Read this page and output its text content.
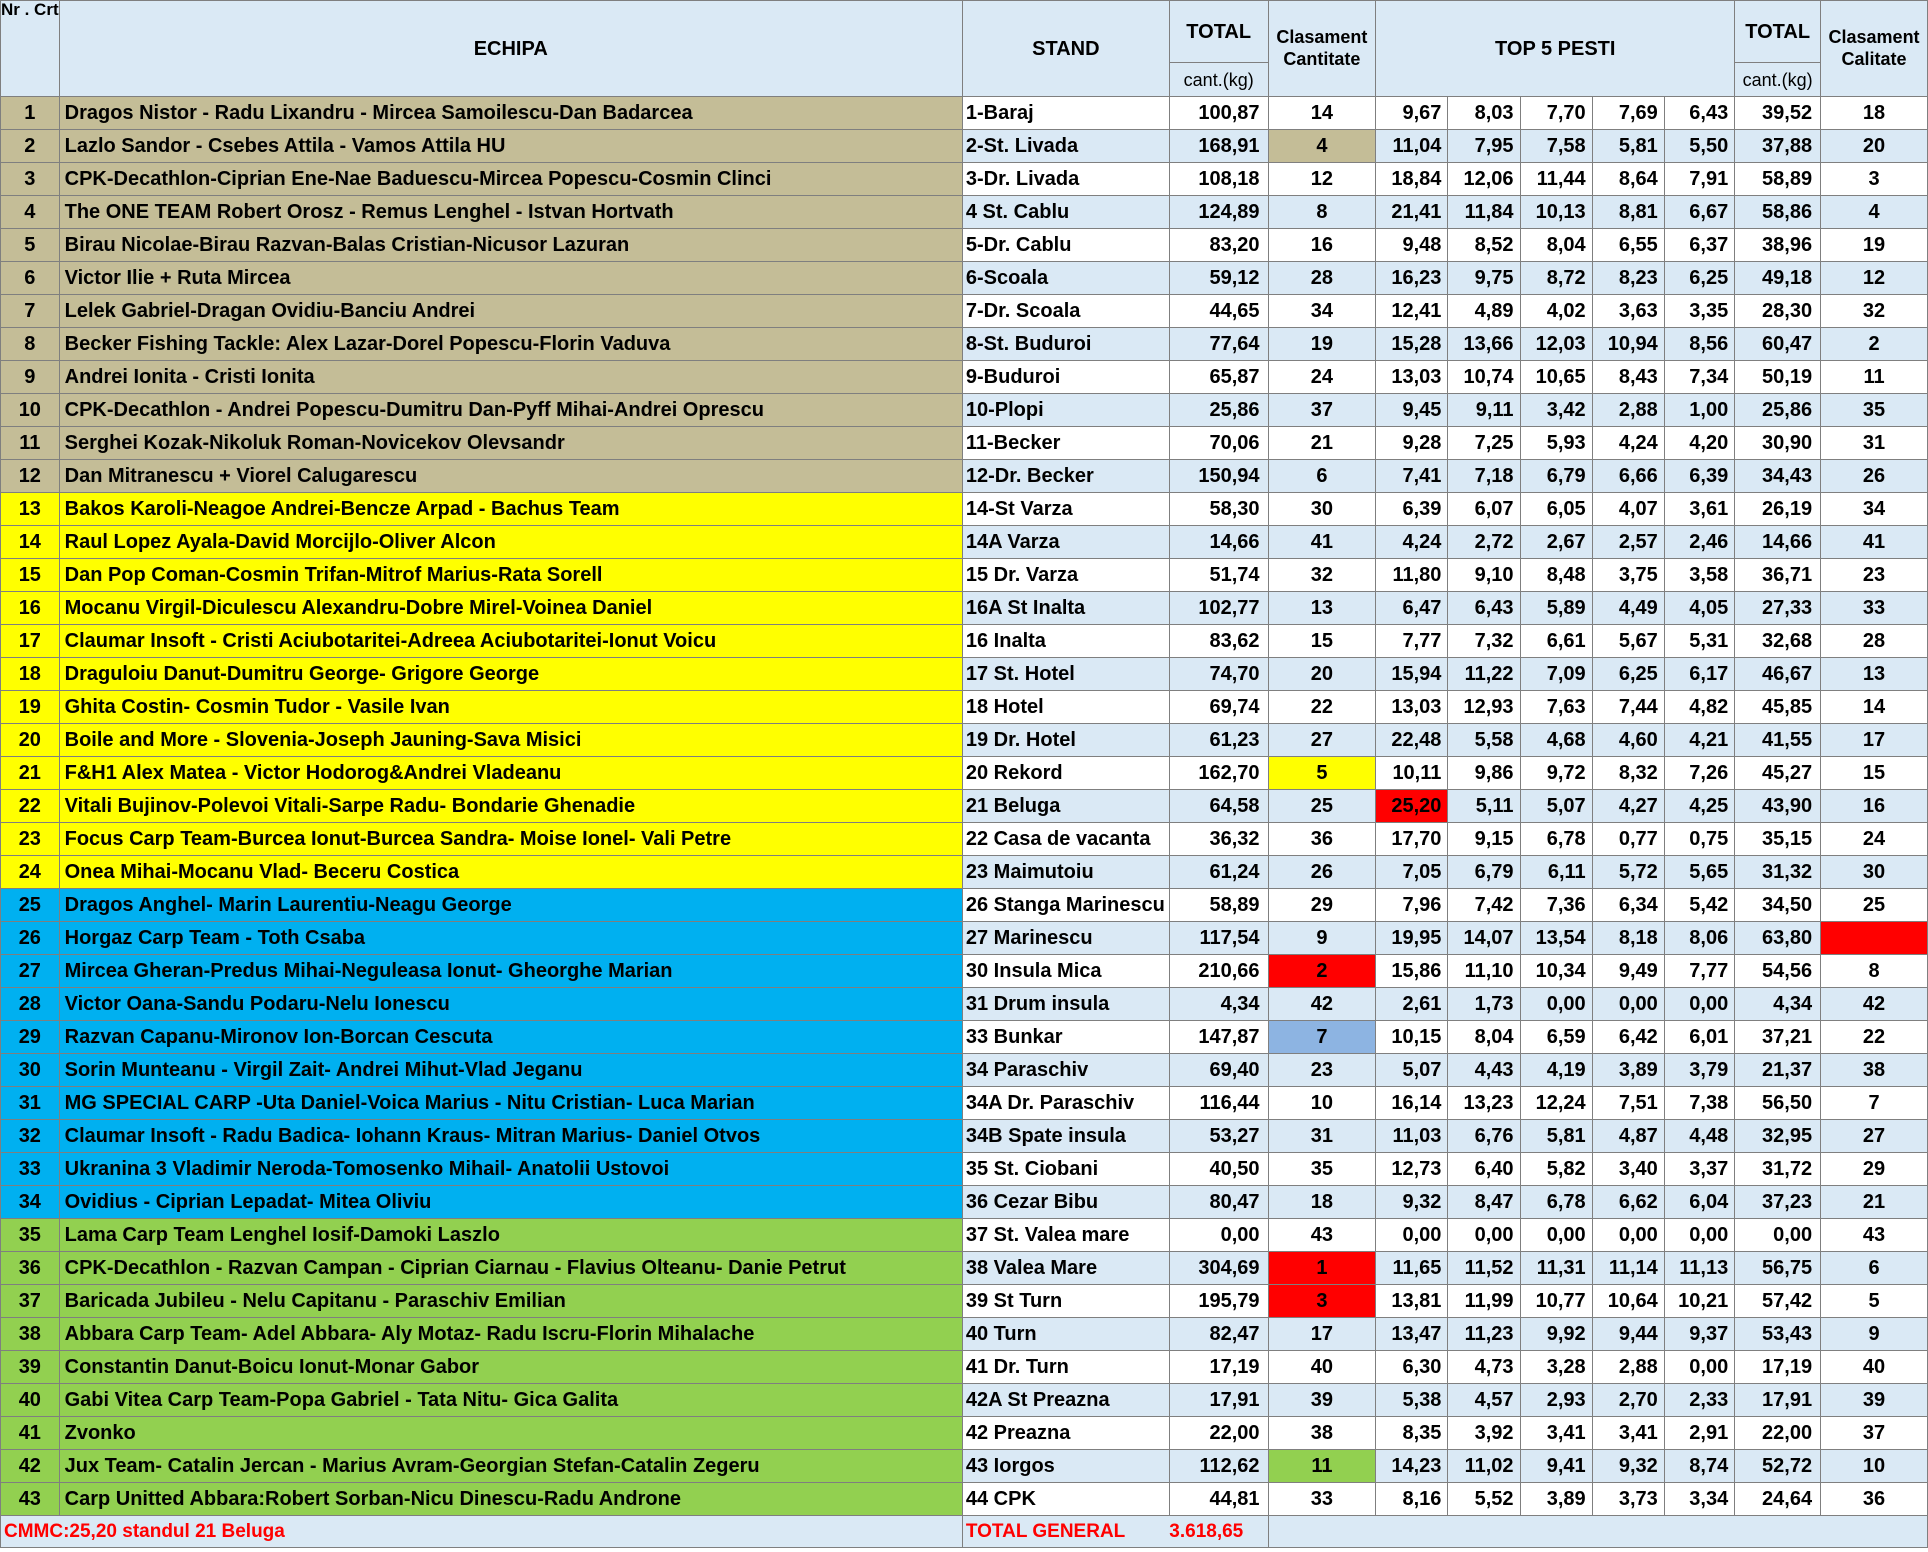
Nr . Crt	ECHIPA	STAND	TOTAL	Clasament Cantitate	TOP 5 PESTI					TOTAL	Clasament Calitate
			cant.(kg)							cant.(kg)	
1	Dragos Nistor - Radu Lixandru - Mircea Samoilescu-Dan Badarcea	1-Baraj	100,87	14	9,67	8,03	7,70	7,69	6,43	39,52	18
2	Lazlo Sandor - Csebes Attila - Vamos Attila HU	2-St. Livada	168,91	4	11,04	7,95	7,58	5,81	5,50	37,88	20
3	CPK-Decathlon-Ciprian Ene-Nae Baduescu-Mircea Popescu-Cosmin Clinci	3-Dr. Livada	108,18	12	18,84	12,06	11,44	8,64	7,91	58,89	3
4	The ONE TEAM Robert Orosz - Remus Lenghel - Istvan Hortvath	4 St. Cablu	124,89	8	21,41	11,84	10,13	8,81	6,67	58,86	4
5	Birau Nicolae-Birau Razvan-Balas Cristian-Nicusor Lazuran	5-Dr. Cablu	83,20	16	9,48	8,52	8,04	6,55	6,37	38,96	19
6	Victor Ilie + Ruta Mircea	6-Scoala	59,12	28	16,23	9,75	8,72	8,23	6,25	49,18	12
7	Lelek Gabriel-Dragan Ovidiu-Banciu Andrei	7-Dr. Scoala	44,65	34	12,41	4,89	4,02	3,63	3,35	28,30	32
8	Becker Fishing Tackle: Alex Lazar-Dorel Popescu-Florin Vaduva	8-St. Buduroi	77,64	19	15,28	13,66	12,03	10,94	8,56	60,47	2
9	Andrei Ionita - Cristi Ionita	9-Buduroi	65,87	24	13,03	10,74	10,65	8,43	7,34	50,19	11
10	CPK-Decathlon - Andrei Popescu-Dumitru Dan-Pyff Mihai-Andrei Oprescu	10-Plopi	25,86	37	9,45	9,11	3,42	2,88	1,00	25,86	35
11	Serghei Kozak-Nikoluk Roman-Novicekov Olevsandr	11-Becker	70,06	21	9,28	7,25	5,93	4,24	4,20	30,90	31
12	Dan Mitranescu + Viorel Calugarescu	12-Dr. Becker	150,94	6	7,41	7,18	6,79	6,66	6,39	34,43	26
13	Bakos Karoli-Neagoe Andrei-Bencze Arpad - Bachus Team	14-St Varza	58,30	30	6,39	6,07	6,05	4,07	3,61	26,19	34
14	Raul Lopez Ayala-David Morcijlo-Oliver Alcon	14A Varza	14,66	41	4,24	2,72	2,67	2,57	2,46	14,66	41
15	Dan Pop Coman-Cosmin Trifan-Mitrof Marius-Rata Sorell	15 Dr. Varza	51,74	32	11,80	9,10	8,48	3,75	3,58	36,71	23
16	Mocanu Virgil-Diculescu Alexandru-Dobre Mirel-Voinea Daniel	16A St Inalta	102,77	13	6,47	6,43	5,89	4,49	4,05	27,33	33
17	Claumar Insoft - Cristi Aciubotaritei-Adreea Aciubotaritei-Ionut Voicu	16 Inalta	83,62	15	7,77	7,32	6,61	5,67	5,31	32,68	28
18	Draguloiu Danut-Dumitru George- Grigore George	17 St. Hotel	74,70	20	15,94	11,22	7,09	6,25	6,17	46,67	13
19	Ghita Costin- Cosmin Tudor - Vasile Ivan	18 Hotel	69,74	22	13,03	12,93	7,63	7,44	4,82	45,85	14
20	Boile and More - Slovenia-Joseph Jauning-Sava Misici	19 Dr. Hotel	61,23	27	22,48	5,58	4,68	4,60	4,21	41,55	17
21	F&H1 Alex Matea - Victor Hodorog&Andrei Vladeanu	20 Rekord	162,70	5	10,11	9,86	9,72	8,32	7,26	45,27	15
22	Vitali Bujinov-Polevoi Vitali-Sarpe Radu- Bondarie Ghenadie	21 Beluga	64,58	25	25,20	5,11	5,07	4,27	4,25	43,90	16
23	Focus Carp Team-Burcea Ionut-Burcea Sandra- Moise Ionel- Vali Petre	22 Casa de vacanta	36,32	36	17,70	9,15	6,78	0,77	0,75	35,15	24
24	Onea Mihai-Mocanu Vlad- Beceru Costica	23 Maimutoiu	61,24	26	7,05	6,79	6,11	5,72	5,65	31,32	30
25	Dragos Anghel- Marin Laurentiu-Neagu George	26 Stanga Marinescu	58,89	29	7,96	7,42	7,36	6,34	5,42	34,50	25
26	Horgaz Carp Team - Toth Csaba	27 Marinescu	117,54	9	19,95	14,07	13,54	8,18	8,06	63,80	1
27	Mircea Gheran-Predus Mihai-Neguleasa Ionut- Gheorghe Marian	30 Insula Mica	210,66	2	15,86	11,10	10,34	9,49	7,77	54,56	8
28	Victor Oana-Sandu Podaru-Nelu Ionescu	31 Drum insula	4,34	42	2,61	1,73	0,00	0,00	0,00	4,34	42
29	Razvan Capanu-Mironov Ion-Borcan Cescuta	33 Bunkar	147,87	7	10,15	8,04	6,59	6,42	6,01	37,21	22
30	Sorin Munteanu - Virgil Zait- Andrei Mihut-Vlad Jeganu	34 Paraschiv	69,40	23	5,07	4,43	4,19	3,89	3,79	21,37	38
31	MG SPECIAL CARP -Uta Daniel-Voica Marius - Nitu Cristian- Luca Marian	34A Dr. Paraschiv	116,44	10	16,14	13,23	12,24	7,51	7,38	56,50	7
32	Claumar Insoft - Radu Badica- Iohann Kraus- Mitran Marius- Daniel Otvos	34B Spate insula	53,27	31	11,03	6,76	5,81	4,87	4,48	32,95	27
33	Ukranina 3 Vladimir Neroda-Tomosenko Mihail- Anatolii Ustovoi	35 St. Ciobani	40,50	35	12,73	6,40	5,82	3,40	3,37	31,72	29
34	Ovidius - Ciprian Lepadat- Mitea Oliviu	36 Cezar Bibu	80,47	18	9,32	8,47	6,78	6,62	6,04	37,23	21
35	Lama Carp Team Lenghel Iosif-Damoki Laszlo	37 St. Valea mare	0,00	43	0,00	0,00	0,00	0,00	0,00	0,00	43
36	CPK-Decathlon - Razvan Campan - Ciprian Ciarnau - Flavius Olteanu- Danie Petrut	38 Valea Mare	304,69	1	11,65	11,52	11,31	11,14	11,13	56,75	6
37	Baricada Jubileu - Nelu Capitanu - Paraschiv Emilian	39 St Turn	195,79	3	13,81	11,99	10,77	10,64	10,21	57,42	5
38	Abbara Carp Team- Adel Abbara- Aly Motaz- Radu Iscru-Florin Mihalache	40 Turn	82,47	17	13,47	11,23	9,92	9,44	9,37	53,43	9
39	Constantin Danut-Boicu Ionut-Monar Gabor	41 Dr. Turn	17,19	40	6,30	4,73	3,28	2,88	0,00	17,19	40
40	Gabi Vitea Carp Team-Popa Gabriel - Tata Nitu- Gica Galita	42A St Preazna	17,91	39	5,38	4,57	2,93	2,70	2,33	17,91	39
41	Zvonko	42 Preazna	22,00	38	8,35	3,92	3,41	3,41	2,91	22,00	37
42	Jux Team- Catalin Jercan - Marius Avram-Georgian Stefan-Catalin Zegeru	43 Iorgos	112,62	11	14,23	11,02	9,41	9,32	8,74	52,72	10
43	Carp Unitted Abbara:Robert Sorban-Nicu Dinescu-Radu Androne	44 CPK	44,81	33	8,16	5,52	3,89	3,73	3,34	24,64	36
CMMC:25,20 standul 21 Beluga		TOTAL GENERAL 3.618,65									
